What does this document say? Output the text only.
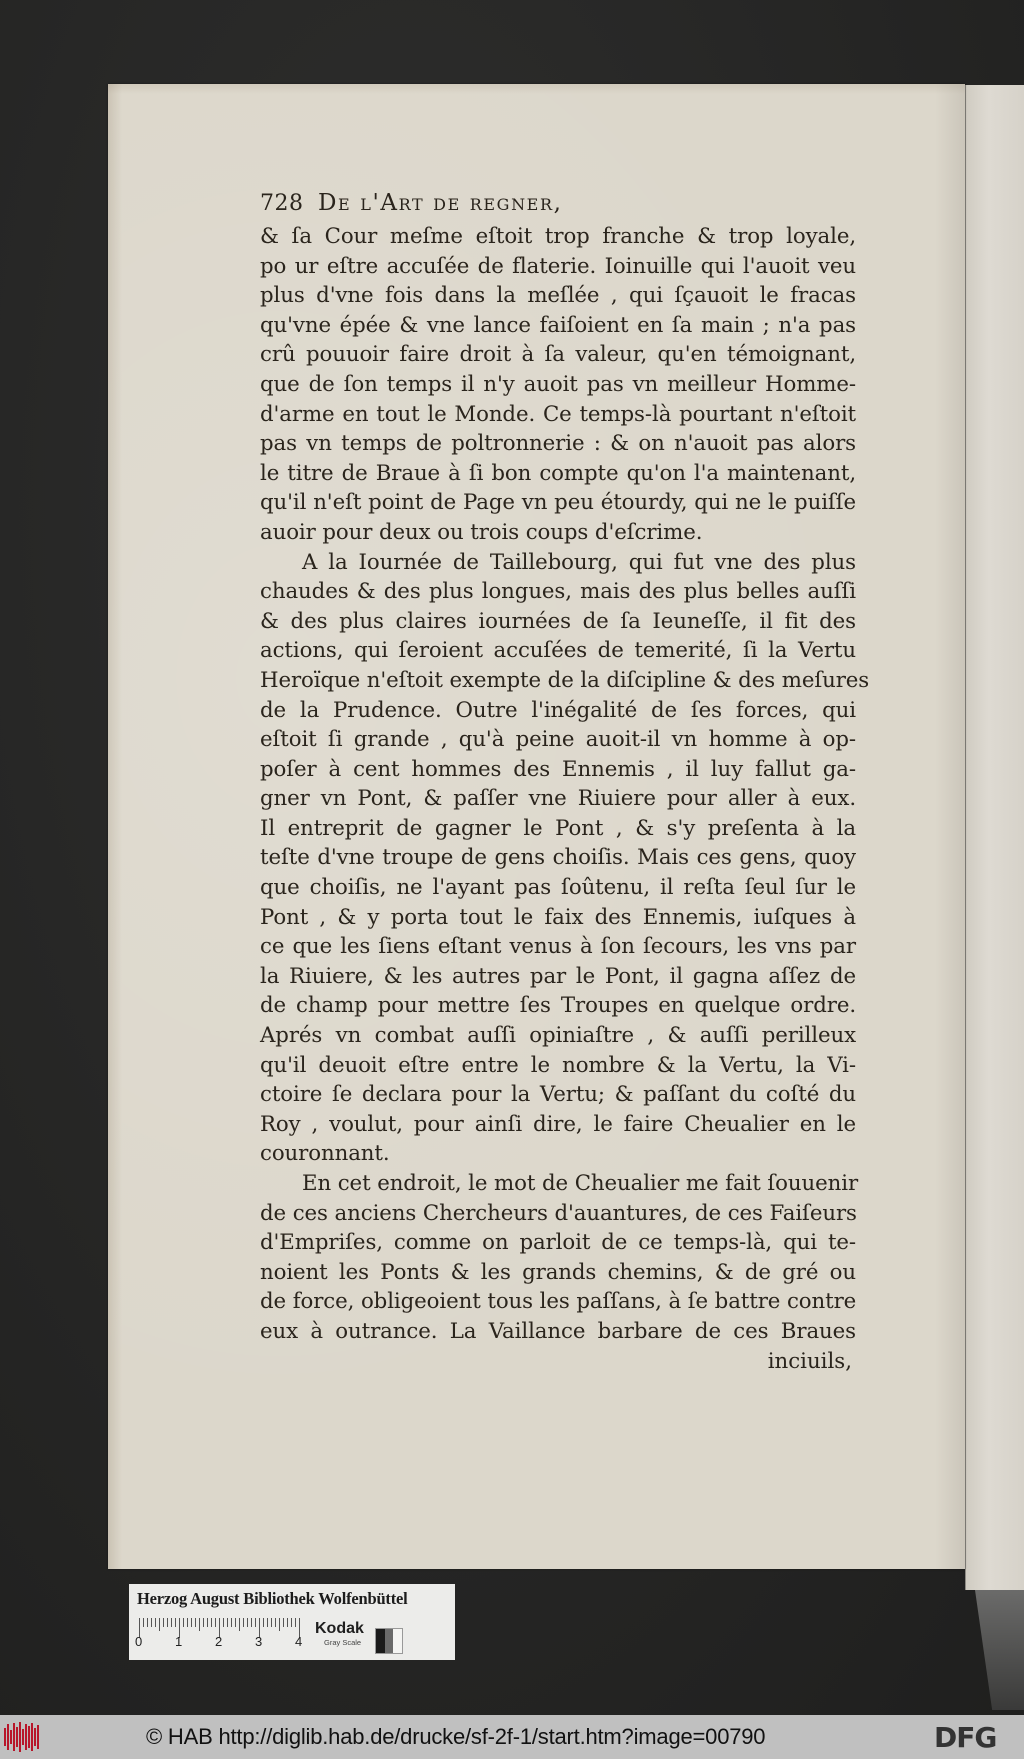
728 De l'Art de regner,
& ſa Cour meſme eſtoit trop franche & trop loyale,
po ur eſtre accuſée de flaterie. Ioinuille qui l'auoit veu
plus d'vne fois dans la meſlée , qui ſçauoit le fracas
qu'vne épée & vne lance faiſoient en ſa main ; n'a pas
crû pouuoir faire droit à ſa valeur, qu'en témoignant,
que de ſon temps il n'y auoit pas vn meilleur Homme-
d'arme en tout le Monde. Ce temps-là pourtant n'eſtoit
pas vn temps de poltronnerie : & on n'auoit pas alors
le titre de Braue à ſi bon compte qu'on l'a maintenant,
qu'il n'eſt point de Page vn peu étourdy, qui ne le puiſſe
auoir pour deux ou trois coups d'eſcrime.
A la Iournée de Taillebourg, qui fut vne des plus
chaudes & des plus longues, mais des plus belles auſſi
& des plus claires iournées de ſa Ieuneſſe, il fit des
actions, qui ſeroient accuſées de temerité, ſi la Vertu
Heroïque n'eſtoit exempte de la diſcipline & des meſures
de la Prudence. Outre l'inégalité de ſes forces, qui
eſtoit ſi grande , qu'à peine auoit-il vn homme à op-
poſer à cent hommes des Ennemis , il luy fallut ga-
gner vn Pont, & paſſer vne Riuiere pour aller à eux.
Il entreprit de gagner le Pont , & s'y preſenta à la
teſte d'vne troupe de gens choiſis. Mais ces gens, quoy
que choiſis, ne l'ayant pas ſoûtenu, il reſta ſeul ſur le
Pont , & y porta tout le faix des Ennemis, iuſques à
ce que les ſiens eſtant venus à ſon ſecours, les vns par
la Riuiere, & les autres par le Pont, il gagna aſſez de
de champ pour mettre ſes Troupes en quelque ordre.
Aprés vn combat auſſi opiniaſtre , & auſſi perilleux
qu'il deuoit eſtre entre le nombre & la Vertu, la Vi-
ctoire ſe declara pour la Vertu; & paſſant du coſté du
Roy , voulut, pour ainſi dire, le faire Cheualier en le
couronnant.
En cet endroit, le mot de Cheualier me fait ſouuenir
de ces anciens Chercheurs d'auantures, de ces Faiſeurs
d'Empriſes, comme on parloit de ce temps-là, qui te-
noient les Ponts & les grands chemins, & de gré ou
de force, obligeoient tous les paſſans, à ſe battre contre
eux à outrance. La Vaillance barbare de ces Braues
inciuils,
Herzog August Bibliothek Wolfenbüttel
0	1	2	3	4
Kodak
Gray Scale
© HAB http://diglib.hab.de/drucke/sf-2f-1/start.htm?image=00790	DFG
